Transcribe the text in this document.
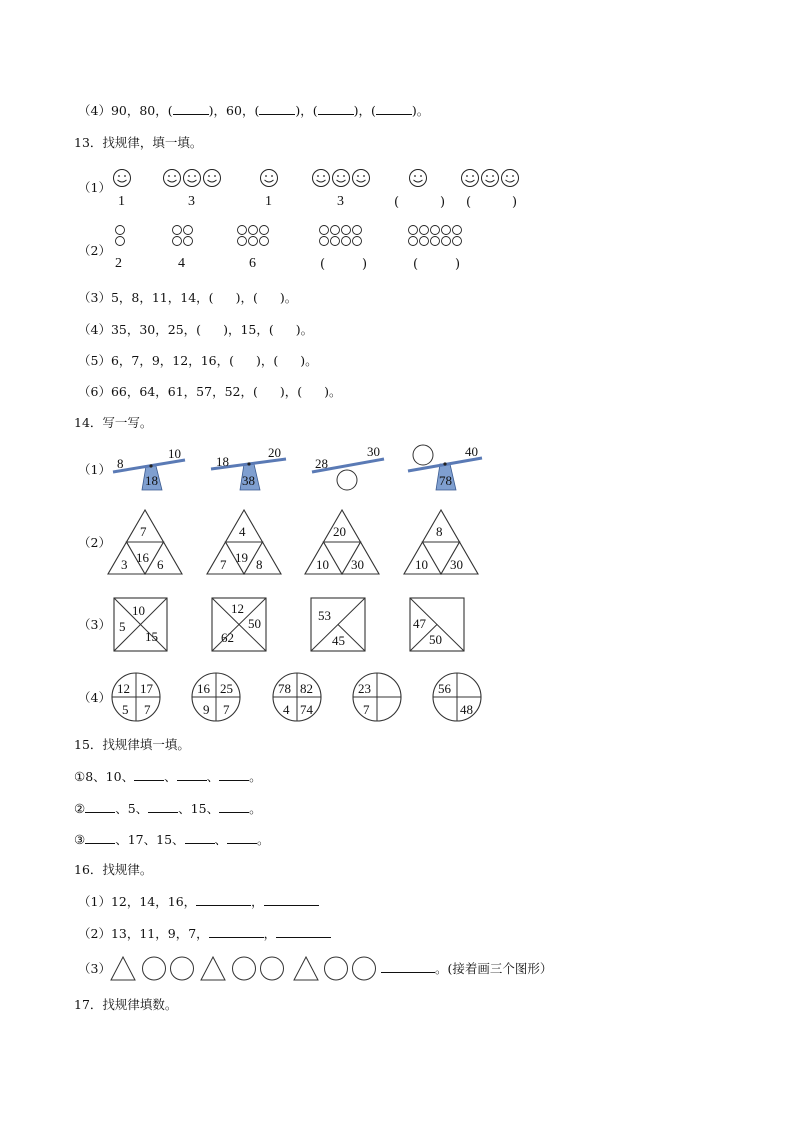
（4）90，80，(	)，60，(	)，(	)，(	)。
13．找规律，填一填。
（1）
1	3	1	3	(	) (	)
（2）
2	4	6	(	)	(	)
（3）5，8，11，14，( )，( )。
（4）35，30，25，( )，15，( )。
（5）6，7，9，12，16，( )，( )。
（6）66，64，61，57，52，( )，( )。
14．写一写。
（1） 8
10
18
18
20
38
28
30	40
78
（2）
7
16
3 6
4
19
7 8
20
10 30
8
10 30
（3）
10
5
15
12
50
62
53
45
47
50
（4）
12 17
5 7
16 25
9 7
78 82
4 74
23
7
56
48
15．找规律填一填。
①8、10、 、 、 。
② 、5、 、15、 。
③ 、17、15、 、 。
16．找规律。
（1）12，14，16，	，
（2）13，11，9，7，	，
（3）	。(接着画三个图形）
17．找规律填数。
